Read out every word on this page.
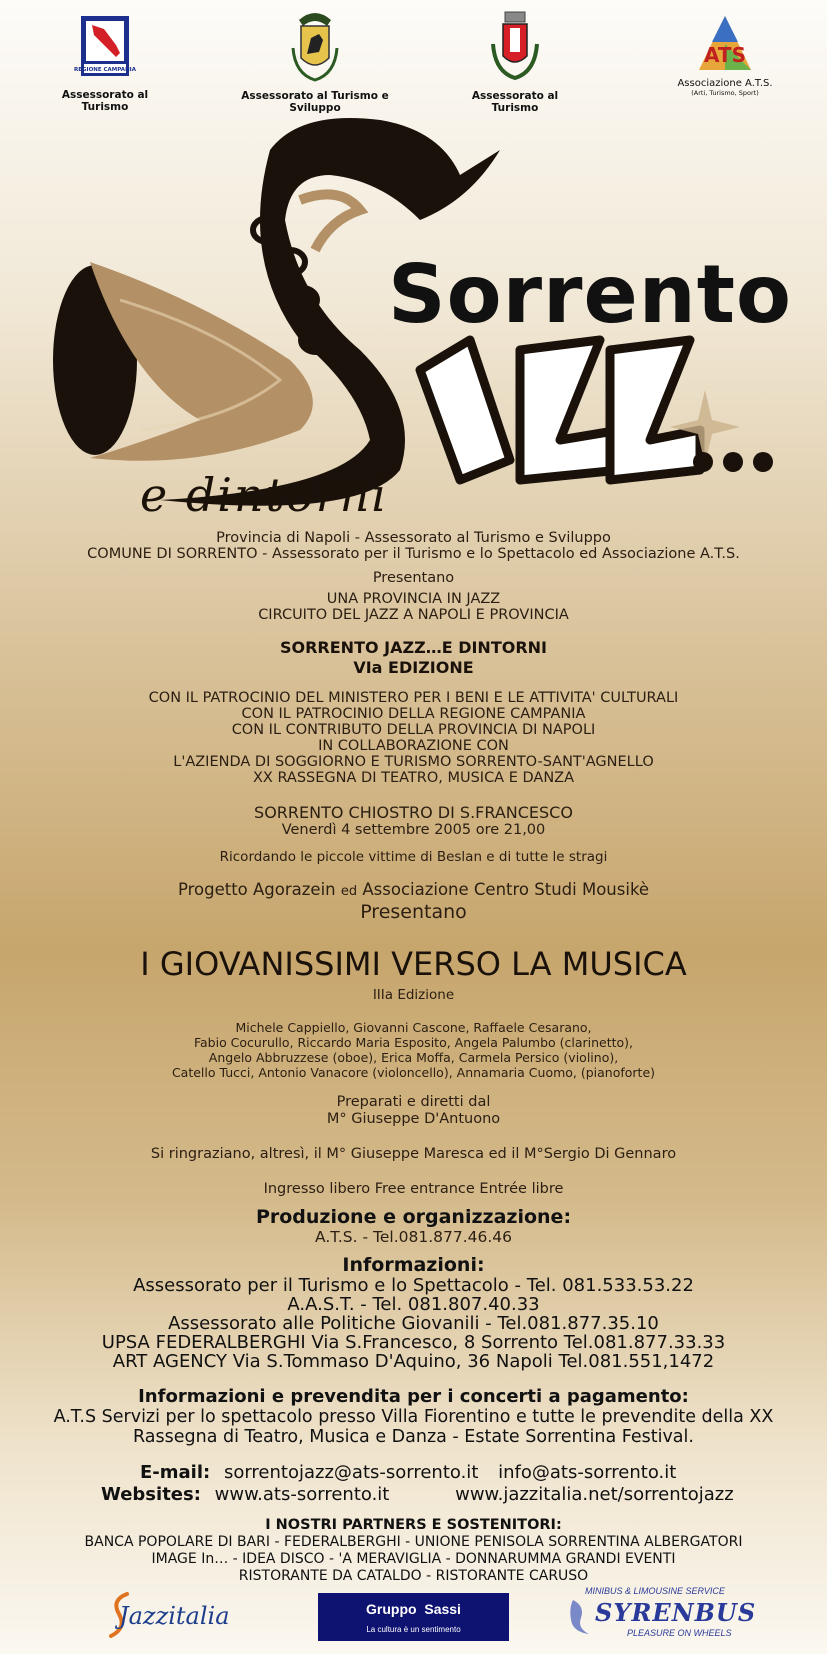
REGIONE CAMPANIA
Assessorato al Turismo
Assessorato al Turismo e Sviluppo
Assessorato al Turismo
ATS
Associazione A.T.S.
(Arti, Turismo, Sport)
Sorrento
e dintorni
Provincia di Napoli - Assessorato al Turismo e Sviluppo
COMUNE DI SORRENTO - Assessorato per il Turismo e lo Spettacolo ed Associazione A.T.S.
Presentano
UNA PROVINCIA IN JAZZ
CIRCUITO DEL JAZZ A NAPOLI E PROVINCIA
SORRENTO JAZZ…E DINTORNI
VIa EDIZIONE
CON IL PATROCINIO DEL MINISTERO PER I BENI E LE ATTIVITA' CULTURALI
CON IL PATROCINIO DELLA REGIONE CAMPANIA
CON IL CONTRIBUTO DELLA PROVINCIA DI NAPOLI
IN COLLABORAZIONE CON
L'AZIENDA DI SOGGIORNO E TURISMO SORRENTO-SANT'AGNELLO
XX RASSEGNA DI TEATRO, MUSICA E DANZA
SORRENTO CHIOSTRO DI S.FRANCESCO
Venerdì 4 settembre 2005 ore 21,00
Ricordando le piccole vittime di Beslan e di tutte le stragi
Progetto Agorazein ed Associazione Centro Studi Mousikè
Presentano
I GIOVANISSIMI VERSO LA MUSICA
IIIa Edizione
Michele Cappiello, Giovanni Cascone, Raffaele Cesarano,
Fabio Cocurullo, Riccardo Maria Esposito, Angela Palumbo (clarinetto),
Angelo Abbruzzese (oboe), Erica Moffa, Carmela Persico (violino),
Catello Tucci, Antonio Vanacore (violoncello), Annamaria Cuomo, (pianoforte)
Preparati e diretti dal
M° Giuseppe D'Antuono
Si ringraziano, altresì, il M° Giuseppe Maresca ed il M°Sergio Di Gennaro
Ingresso libero Free entrance Entrée libre
Produzione e organizzazione:
A.T.S. - Tel.081.877.46.46
Informazioni:
Assessorato per il Turismo e lo Spettacolo - Tel. 081.533.53.22
A.A.S.T. - Tel. 081.807.40.33
Assessorato alle Politiche Giovanili - Tel.081.877.35.10
UPSA FEDERALBERGHI Via S.Francesco, 8 Sorrento Tel.081.877.33.33
ART AGENCY Via S.Tommaso D'Aquino, 36 Napoli Tel.081.551,1472
Informazioni e prevendita per i concerti a pagamento:
A.T.S Servizi per lo spettacolo presso Villa Fiorentino e tutte le prevendite della XX
Rassegna di Teatro, Musica e Danza - Estate Sorrentina Festival.
E-mail: sorrentojazz@ats-sorrento.it info@ats-sorrento.it
Websites: www.ats-sorrento.it	www.jazzitalia.net/sorrentojazz
I NOSTRI PARTNERS E SOSTENITORI:
BANCA POPOLARE DI BARI - FEDERALBERGHI - UNIONE PENISOLA SORRENTINA ALBERGATORI
IMAGE In… - IDEA DISCO - 'A MERAVIGLIA - DONNARUMMA GRANDI EVENTI
RISTORANTE DA CATALDO - RISTORANTE CARUSO
Jazzitalia	Gruppo  Sassi
La cultura è un sentimento
MINIBUS & LIMOUSINE SERVICE
SYRENBUS
PLEASURE ON WHEELS
